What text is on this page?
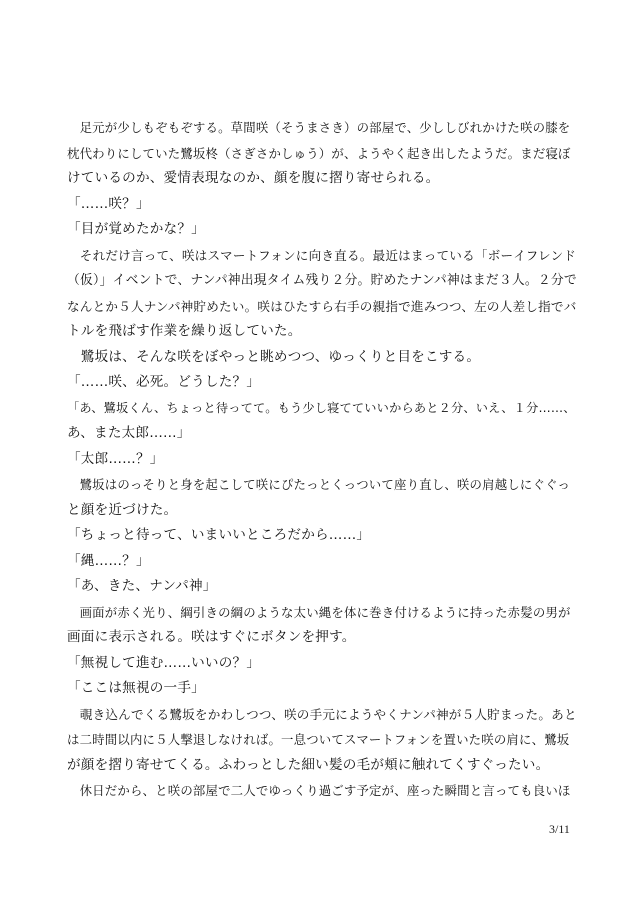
　足元が少しもぞもぞする。草間咲（そうまさき）の部屋で、少ししびれかけた咲の膝を

枕代わりにしていた鷺坂柊（さぎさかしゅう）が、ようやく起き出したようだ。まだ寝ぼ

けているのか、愛情表現なのか、顔を腹に摺り寄せられる。

「……咲？」

「目が覚めたかな？」

　それだけ言って、咲はスマートフォンに向き直る。最近はまっている「ボーイフレンド

（仮）」イベントで、ナンパ神出現タイム残り２分。貯めたナンパ神はまだ３人。２分で

なんとか５人ナンパ神貯めたい。咲はひたすら右手の親指で進みつつ、左の人差し指でバ

トルを飛ばす作業を繰り返していた。

　鷺坂は、そんな咲をぼやっと眺めつつ、ゆっくりと目をこする。

「……咲、必死。どうした？」

「あ、鷺坂くん、ちょっと待ってて。もう少し寝てていいからあと２分、いえ、１分……、

あ、また太郎……」

「太郎……？」

　鷺坂はのっそりと身を起こして咲にぴたっとくっついて座り直し、咲の肩越しにぐぐっ

と顔を近づけた。

「ちょっと待って、いまいいところだから……」

「縄……？」

「あ、きた、ナンパ神」

　画面が赤く光り、綱引きの綱のような太い縄を体に巻き付けるように持った赤髪の男が

画面に表示される。咲はすぐにボタンを押す。

「無視して進む……いいの？」

「ここは無視の一手」

　覗き込んでくる鷺坂をかわしつつ、咲の手元にようやくナンパ神が５人貯まった。あと

は二時間以内に５人撃退しなければ。一息ついてスマートフォンを置いた咲の肩に、鷺坂

が顔を摺り寄せてくる。ふわっとした細い髪の毛が頬に触れてくすぐったい。

　休日だから、と咲の部屋で二人でゆっくり過ごす予定が、座った瞬間と言っても良いほ

3/11
